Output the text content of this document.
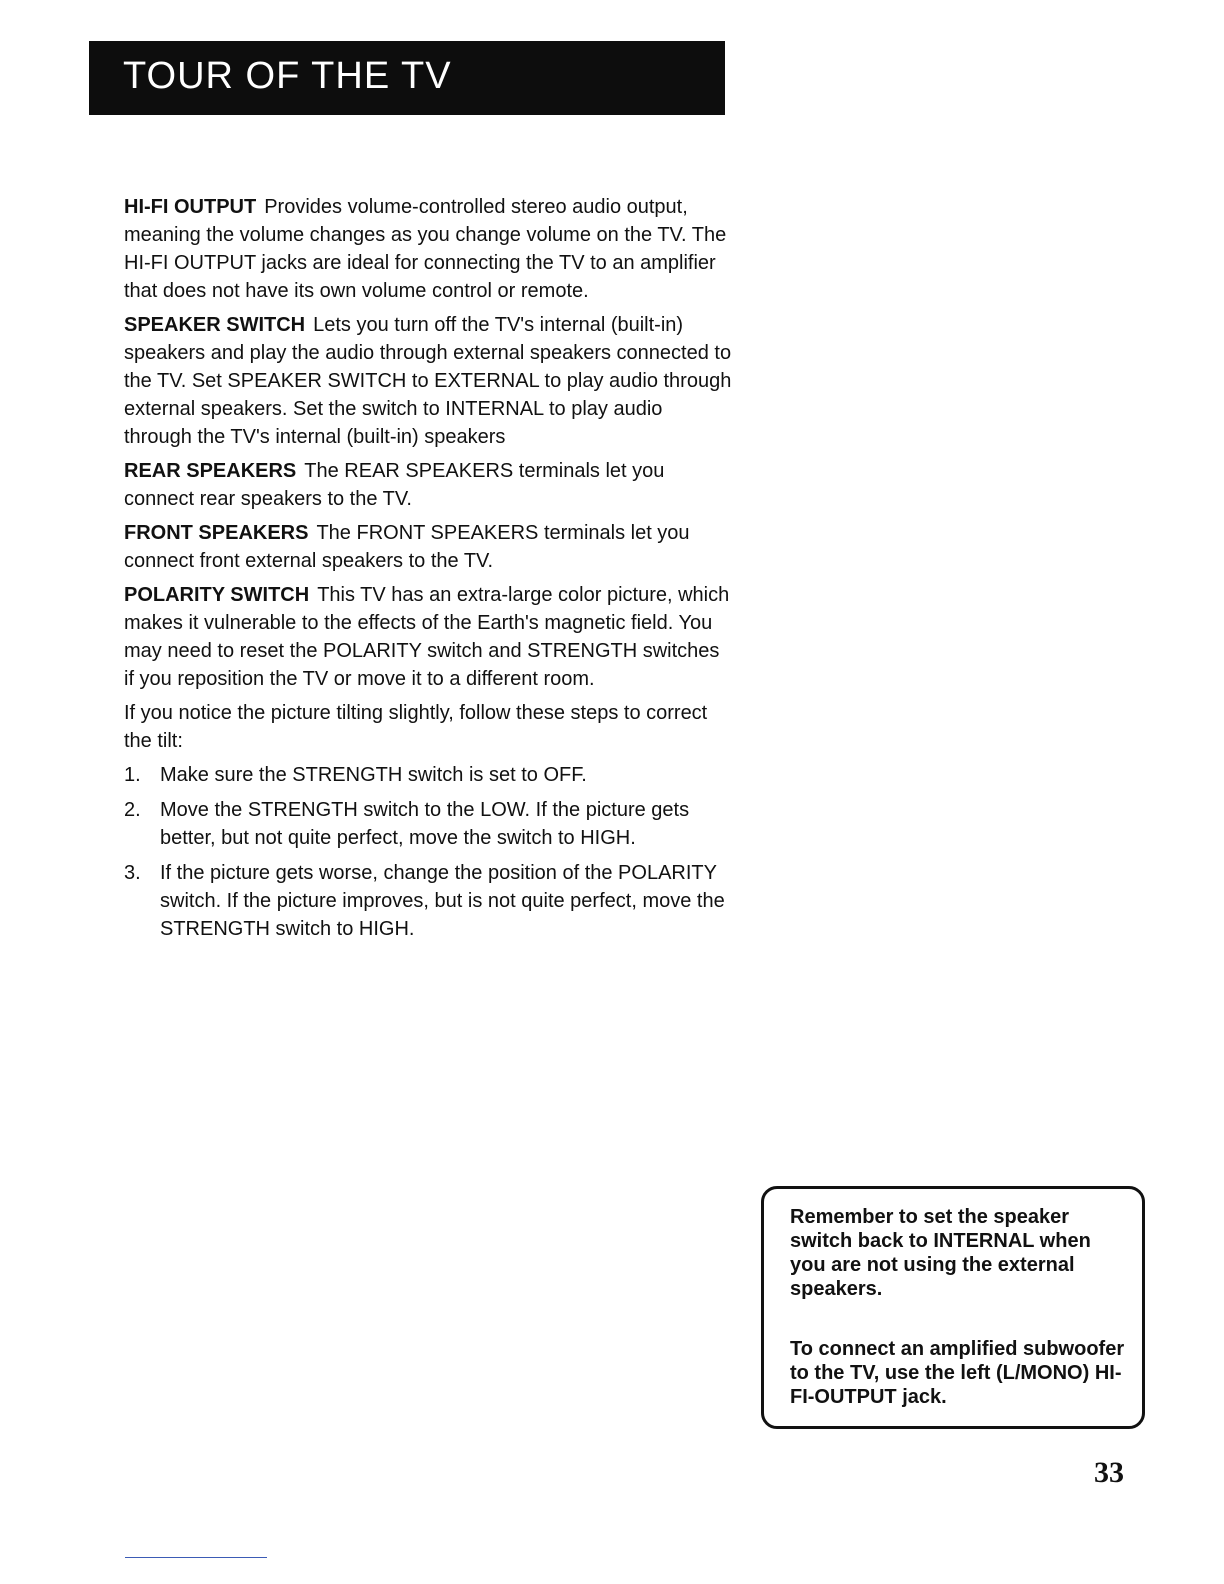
TOUR OF THE TV

HI-FI OUTPUT Provides volume-controlled stereo audio output, meaning the volume changes as you change volume on the TV. The HI-FI OUTPUT jacks are ideal for connecting the TV to an amplifier that does not have its own volume control or remote.

SPEAKER SWITCH Lets you turn off the TV's internal (built-in) speakers and play the audio through external speakers connected to the TV. Set SPEAKER SWITCH to EXTERNAL to play audio through external speakers. Set the switch to INTERNAL to play audio through the TV's internal (built-in) speakers

REAR SPEAKERS The REAR SPEAKERS terminals let you connect rear speakers to the TV.

FRONT SPEAKERS The FRONT SPEAKERS terminals let you connect front external speakers to the TV.

POLARITY SWITCH This TV has an extra-large color picture, which makes it vulnerable to the effects of the Earth's magnetic field. You may need to reset the POLARITY switch and STRENGTH switches if you reposition the TV or move it to a different room.

If you notice the picture tilting slightly, follow these steps to correct the tilt:

1. Make sure the STRENGTH switch is set to OFF.
2. Move the STRENGTH switch to the LOW. If the picture gets better, but not quite perfect, move the switch to HIGH.
3. If the picture gets worse, change the position of the POLARITY switch. If the picture improves, but is not quite perfect, move the STRENGTH switch to HIGH.

Remember to set the speaker switch back to INTERNAL when you are not using the external speakers.

To connect an amplified subwoofer to the TV, use the left (L/MONO) HI-FI-OUTPUT jack.

33
